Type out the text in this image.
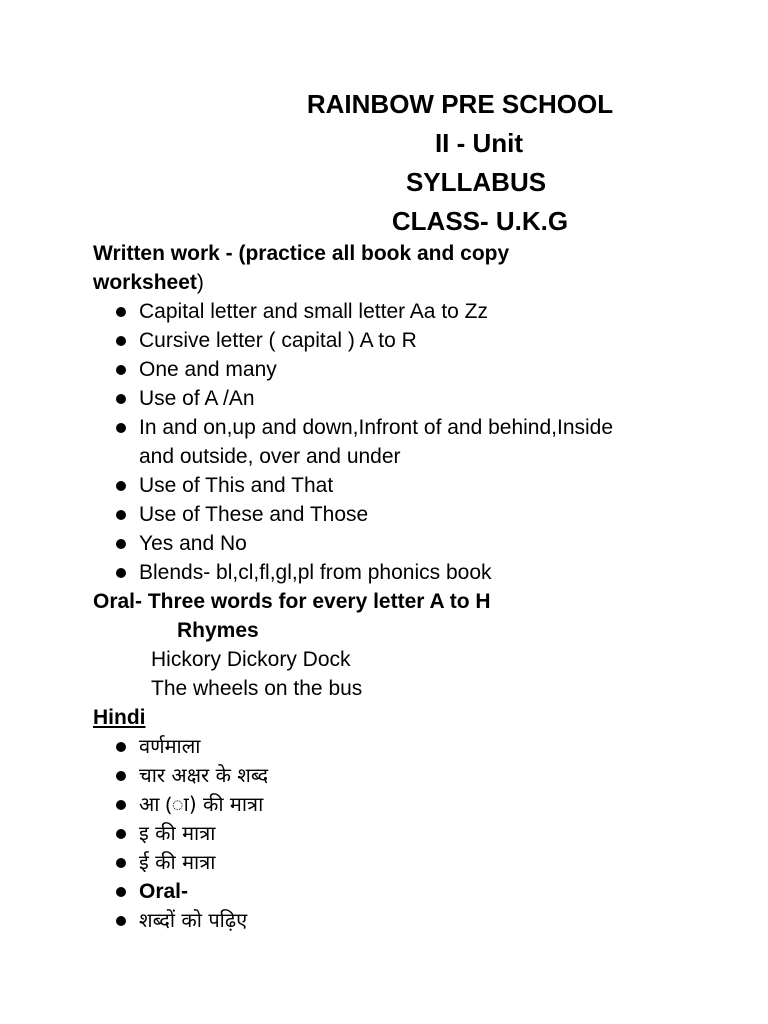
RAINBOW PRE SCHOOL
II - Unit
SYLLABUS
CLASS- U.K.G
Written work - (practice all book and copy
worksheet)
Capital letter and small letter Aa to Zz
Cursive letter ( capital ) A to R
One and many
Use of A /An
In and on,up and down,Infront of and behind,Inside
and outside, over and under
Use of This and That
Use of These and Those
Yes and No
Blends- bl,cl,fl,gl,pl from phonics book
Oral- Three words for every letter A to H
Rhymes
Hickory Dickory Dock
The wheels on the bus
Hindi
वर्णमाला
चार अक्षर के शब्द
आ (ा) की मात्रा
इ की मात्रा
ई की मात्रा
Oral-
शब्दों को पढ़िए
